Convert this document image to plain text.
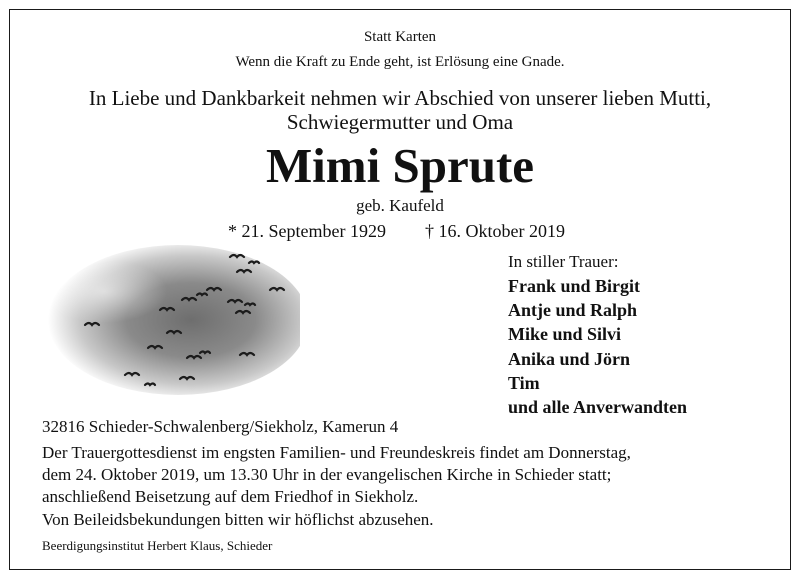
Statt Karten
Wenn die Kraft zu Ende geht, ist Erlösung eine Gnade.
In Liebe und Dankbarkeit nehmen wir Abschied von unserer lieben Mutti,
Schwiegermutter und Oma
Mimi Sprute
geb. Kaufeld
* 21. September 1929 † 16. Oktober 2019
In stiller Trauer:
Frank und Birgit
Antje und Ralph
Mike und Silvi
Anika und Jörn
Tim
und alle Anverwandten
32816 Schieder-Schwalenberg/Siekholz, Kamerun 4
Der Trauergottesdienst im engsten Familien- und Freundeskreis findet am Donnerstag,
dem 24. Oktober 2019, um 13.30 Uhr in der evangelischen Kirche in Schieder statt;
anschließend Beisetzung auf dem Friedhof in Siekholz.
Von Beileidsbekundungen bitten wir höflichst abzusehen.
Beerdigungsinstitut Herbert Klaus, Schieder
